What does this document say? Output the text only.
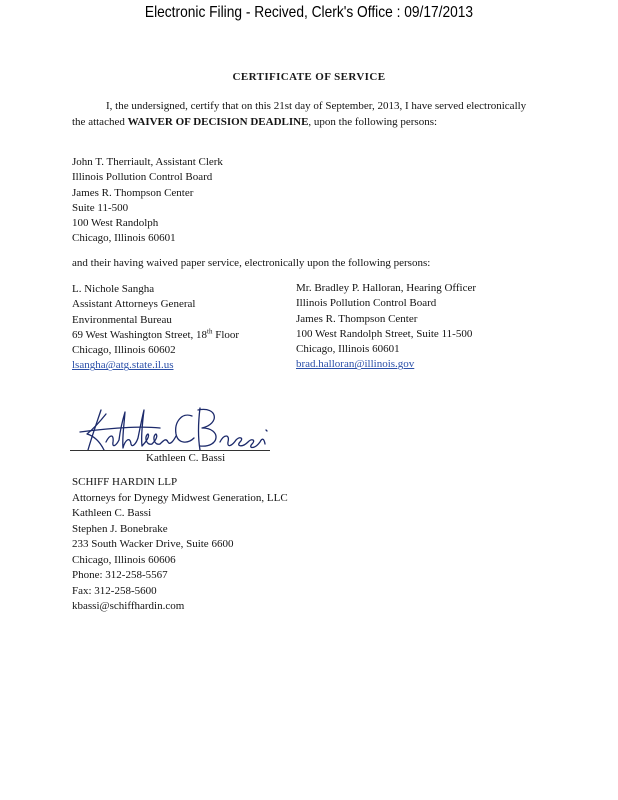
Electronic Filing - Recived, Clerk's Office : 09/17/2013
CERTIFICATE OF SERVICE

I, the undersigned, certify that on this 21st day of September, 2013, I have served electronically the attached WAIVER OF DECISION DEADLINE, upon the following persons:

John T. Therriault, Assistant Clerk
Illinois Pollution Control Board
James R. Thompson Center
Suite 11-500
100 West Randolph
Chicago, Illinois 60601
and their having waived paper service, electronically upon the following persons:
L. Nichole Sangha
Assistant Attorneys General
Environmental Bureau
69 West Washington Street, 18th Floor
Chicago, Illinois 60602
lsangha@atg.state.il.us
Mr. Bradley P. Halloran, Hearing Officer
Illinois Pollution Control Board
James R. Thompson Center
100 West Randolph Street, Suite 11-500
Chicago, Illinois 60601
brad.halloran@illinois.gov
Kathleen C. Bassi
SCHIFF HARDIN LLP
Attorneys for Dynegy Midwest Generation, LLC
Kathleen C. Bassi
Stephen J. Bonebrake
233 South Wacker Drive, Suite 6600
Chicago, Illinois 60606
Phone: 312-258-5567
Fax: 312-258-5600
kbassi@schiffhardin.com
